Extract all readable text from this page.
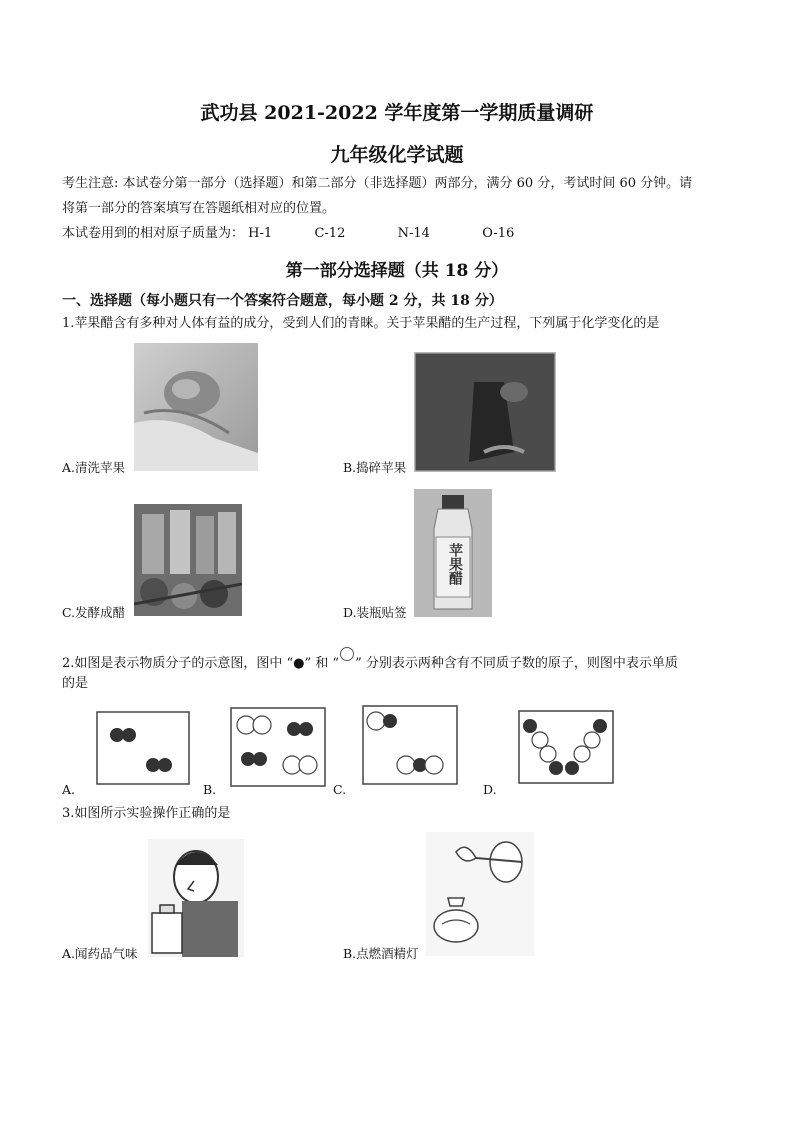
武功县 2021-2022 学年度第一学期质量调研
九年级化学试题
考生注意: 本试卷分第一部分（选择题）和第二部分（非选择题）两部分，满分 60 分，考试时间 60 分钟。请
将第一部分的答案填写在答题纸相对应的位置。
本试卷用到的相对原子质量为： H-1	C-12	N-14	O-16
第一部分选择题（共 18 分）
一、选择题（每小题只有一个答案符合题意，每小题 2 分，共 18 分）
1.苹果醋含有多种对人体有益的成分，受到人们的青睐。关于苹果醋的生产过程，下列属于化学变化的是
A.清洗苹果	B.捣碎苹果
C.发酵成醋
苹果醋
D.装瓶贴签
2.如图是表示物质分子的示意图，图中 “●” 和 “ ” 分别表示两种含有不同质子数的原子，则图中表示单质
的是
A.	B.	C.	D.
3.如图所示实验操作正确的是
A.闻药品气味	B.点燃酒精灯
